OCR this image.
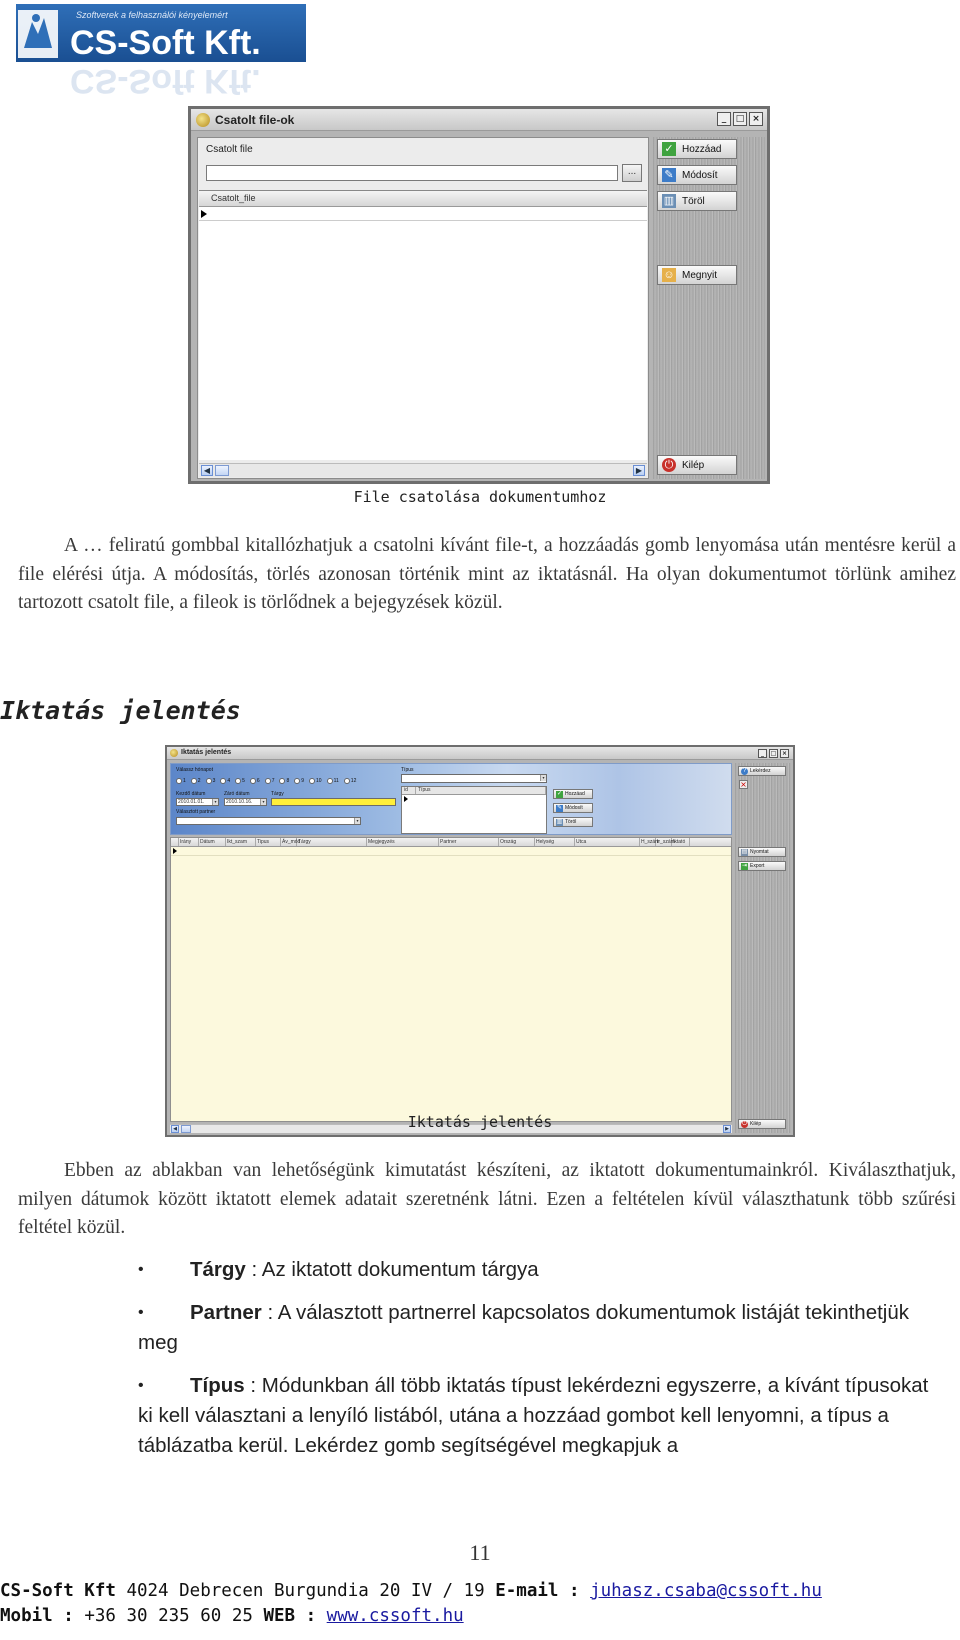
Szoftverek a felhasználói kényelemért
CS-Soft Kft.
CS-Soft Kft.
Csatolt file-ok	_	□ ×
Csatolt file
...
Csatolt_file
◀	▶
✓ Hozzáad
✎ Módosít
▥ Töröl
☺ Megnyit
⏻ Kilép
File csatolása dokumentumhoz

A … feliratú gombbal kitallózhatjuk a csatolni kívánt file-t, a hozzáadás gomb lenyomása után mentésre kerül a file elérési útja. A módosítás, törlés azonosan történik mint az iktatásnál. Ha olyan dokumentumot törlünk amihez tartozott csatolt file, a fileok is törlődnek a bejegyzések közül.

Iktatás jelentés
Iktatás jelentés	_	□ ×
Válassz hónapot
1 2 3 4 5 6 7 8 9 10 11 12
Kezdő dátum
2010.01.01.	▾
Záró dátum
2010.10.16.	▾
Tárgy
Választott partner
▾
Típus
▾
id	Típus
✓ Hozzáad
✎ Módosít
▥ Töröl
Irány	Dátum	Ikt_szam	Tipus	Áv_mód
Tárgy	Megjegyzés	Partner	Ország	Helység	Utca	H_szám
Ir_szám
Iktató
◀	▶
? Lekérdez
×
▤ Nyomtat
⇥ Export
⏻ Kilép
Iktatás jelentés

Ebben az ablakban van lehetőségünk kimutatást készíteni, az iktatott dokumentumainkról. Kiválaszthatjuk, milyen dátumok között iktatott elemek adatait szeretnénk látni. Ezen a feltételen kívül választhatunk több szűrési feltétel közül.

• Tárgy : Az iktatott dokumentum tárgya
• Partner : A választott partnerrel kapcsolatos dokumentumok listáját tekinthetjük meg
• Típus : Módunkban áll több iktatás típust lekérdezni egyszerre, a kívánt típusokat ki kell választani a lenyíló listából, utána a hozzáad gombot kell lenyomni, a típus a táblázatba kerül. Lekérdez gomb segítségével megkapjuk a
11
CS-Soft Kft 4024 Debrecen Burgundia 20 IV / 19 E-mail : juhasz.csaba@cssoft.hu
Mobil : +36 30 235 60 25 WEB : www.cssoft.hu
